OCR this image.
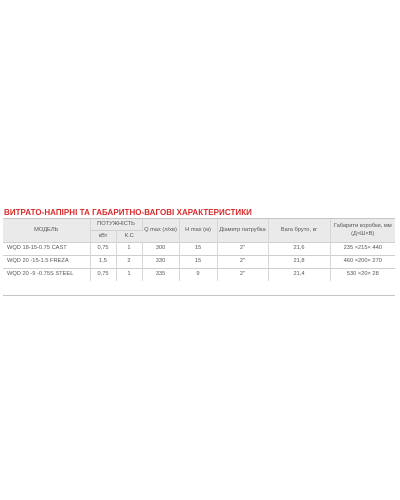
ВИТРАТО-НАПІРНІ ТА ГАБАРИТНО-ВАГОВІ ХАРАКТЕРИСТИКИ
МОДЕЛЬ	ПОТУЖНІСТЬ		Q max (л/хв)	Н max (м)	Діаметр патрубка	Вага бруто, кг	Габарити коробки, мм (Д×Ш×В)
	кВт	К.С					
WQD 18-15-0.75 CAST	0,75	1	300	15	2"	21,6	235 ×215× 440
WQD 20 -15-1.5 FREZA	1,5	2	330	15	2"	21,8	460 ×200× 270
WQD 20 -9 -0.75S STEEL	0,75	1	335	9	2"	21,4	530 ×20× 28
